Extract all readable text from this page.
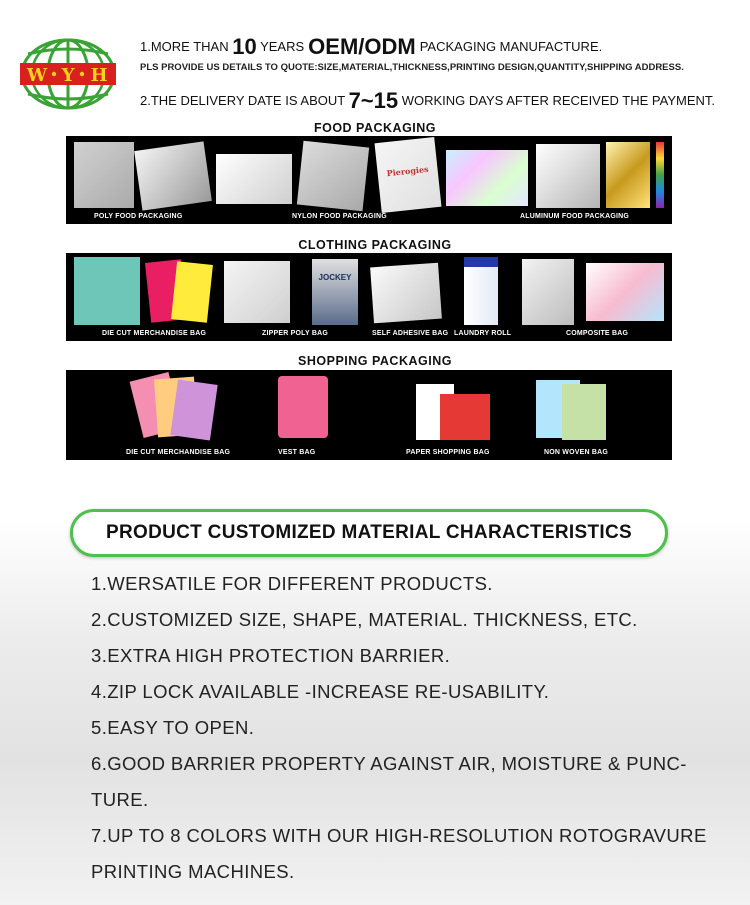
W Y H
1.MORE THAN 10 YEARS OEM/ODM PACKAGING MANUFACTURE.
PLS PROVIDE US DETAILS TO QUOTE:SIZE,MATERIAL,THICKNESS,PRINTING DESIGN,QUANTITY,SHIPPING ADDRESS.
2.THE DELIVERY DATE IS ABOUT 7~15 WORKING DAYS AFTER RECEIVED THE PAYMENT.
FOOD PACKAGING
Pierogies
POLY FOOD PACKAGING	NYLON FOOD PACKAGING	ALUMINUM FOOD PACKAGING
CLOTHING PACKAGING
JOCKEY
DIE CUT MERCHANDISE BAG	ZIPPER POLY BAG	SELF ADHESIVE BAG LAUNDRY ROLL	COMPOSITE BAG
SHOPPING PACKAGING
DIE CUT MERCHANDISE BAG	VEST BAG	PAPER SHOPPING BAG	NON WOVEN BAG
PRODUCT CUSTOMIZED MATERIAL CHARACTERISTICS
1.WERSATILE FOR DIFFERENT PRODUCTS.
2.CUSTOMIZED SIZE, SHAPE, MATERIAL. THICKNESS, ETC.
3.EXTRA HIGH PROTECTION BARRIER.
4.ZIP LOCK AVAILABLE -INCREASE RE-USABILITY.
5.EASY TO OPEN.
6.GOOD BARRIER PROPERTY AGAINST AIR, MOISTURE & PUNC-
TURE.
7.UP TO 8 COLORS WITH OUR HIGH-RESOLUTION ROTOGRAVURE
PRINTING MACHINES.
